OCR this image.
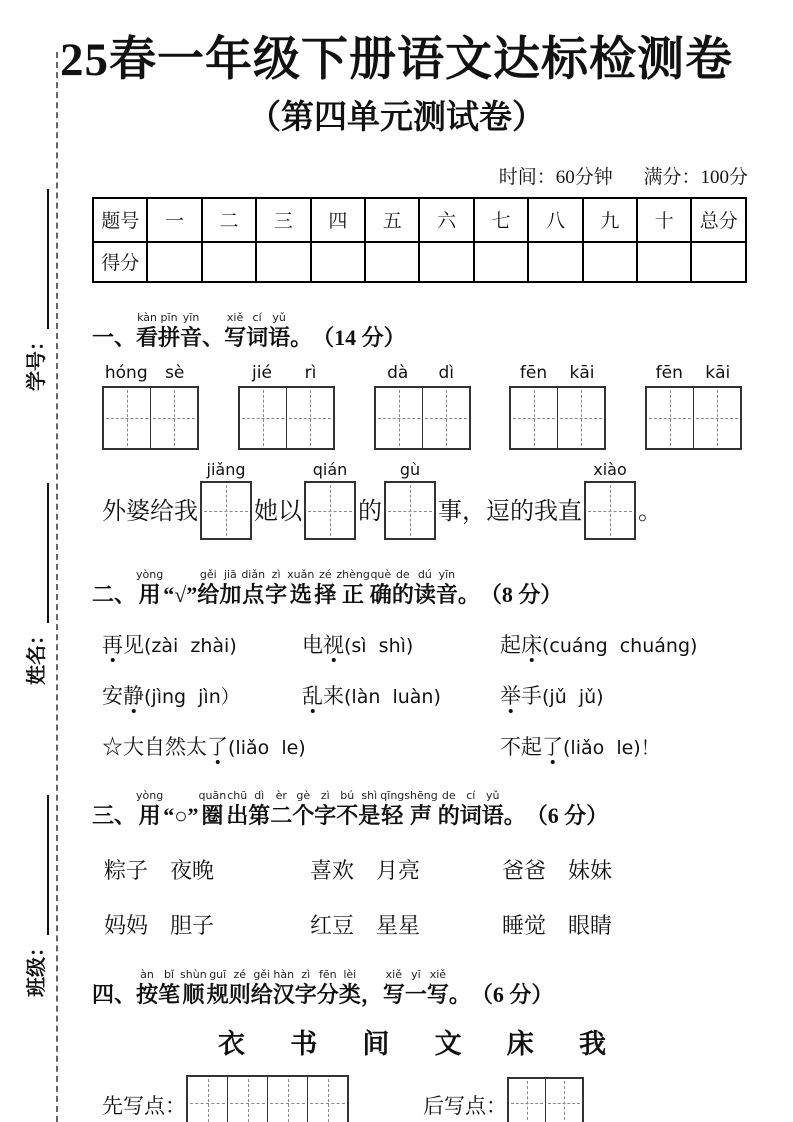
学号：
姓名：
班级：
25春一年级下册语文达标检测卷
（第四单元测试卷）
时间：60分钟 满分：100分
题号	一	二	三	四	五	六	七	八	九	十	总分
得分											
一、
kàn
看
pīn
拼
yīn
音 、
xiě
写
cí
词
yǔ
语 。 （14 分）
hóng	sè	jié	rì	dà	dì	fēn	kāi	fēn	kāi
外婆给我
jiǎng
她以
qián
的
gù
事，逗的我直
xiào
。
二、
yòng
用 “√”
gěi
给
jiā
加
diǎn
点
zì
字
xuǎn
选
zé
择
zhèng
正
què
确
de
的
dú
读
yīn
音 。 （8 分）
再见(zài  zhài)	电视(sì  shì)	起床(cuáng  chuáng)
安静(jìng  jìn）	乱来(làn  luàn)	举手(jǔ  jǔ)
☆大自然太了(liǎo  le)	不起了(liǎo  le)！
三、
yòng
用 “○”
quān
圈
chū
出
dì
第
èr
二
gè
个
zì
字
bú
不
shì
是
qīng
轻
shēng
声
de
的
cí
词
yǔ
语 。 （6 分）
粽子　夜晚	喜欢　月亮	爸爸　妹妹
妈妈　胆子	红豆　星星	睡觉　眼睛
四、
àn
按
bǐ
笔
shùn
顺
guī
规
zé
则
gěi
给
hàn
汉
zì
字
fēn
分
lèi
类 ，
xiě
写
yī
一
xiě
写 。 （6 分）
衣 书 间 文 床 我
先写点：	后写点：
